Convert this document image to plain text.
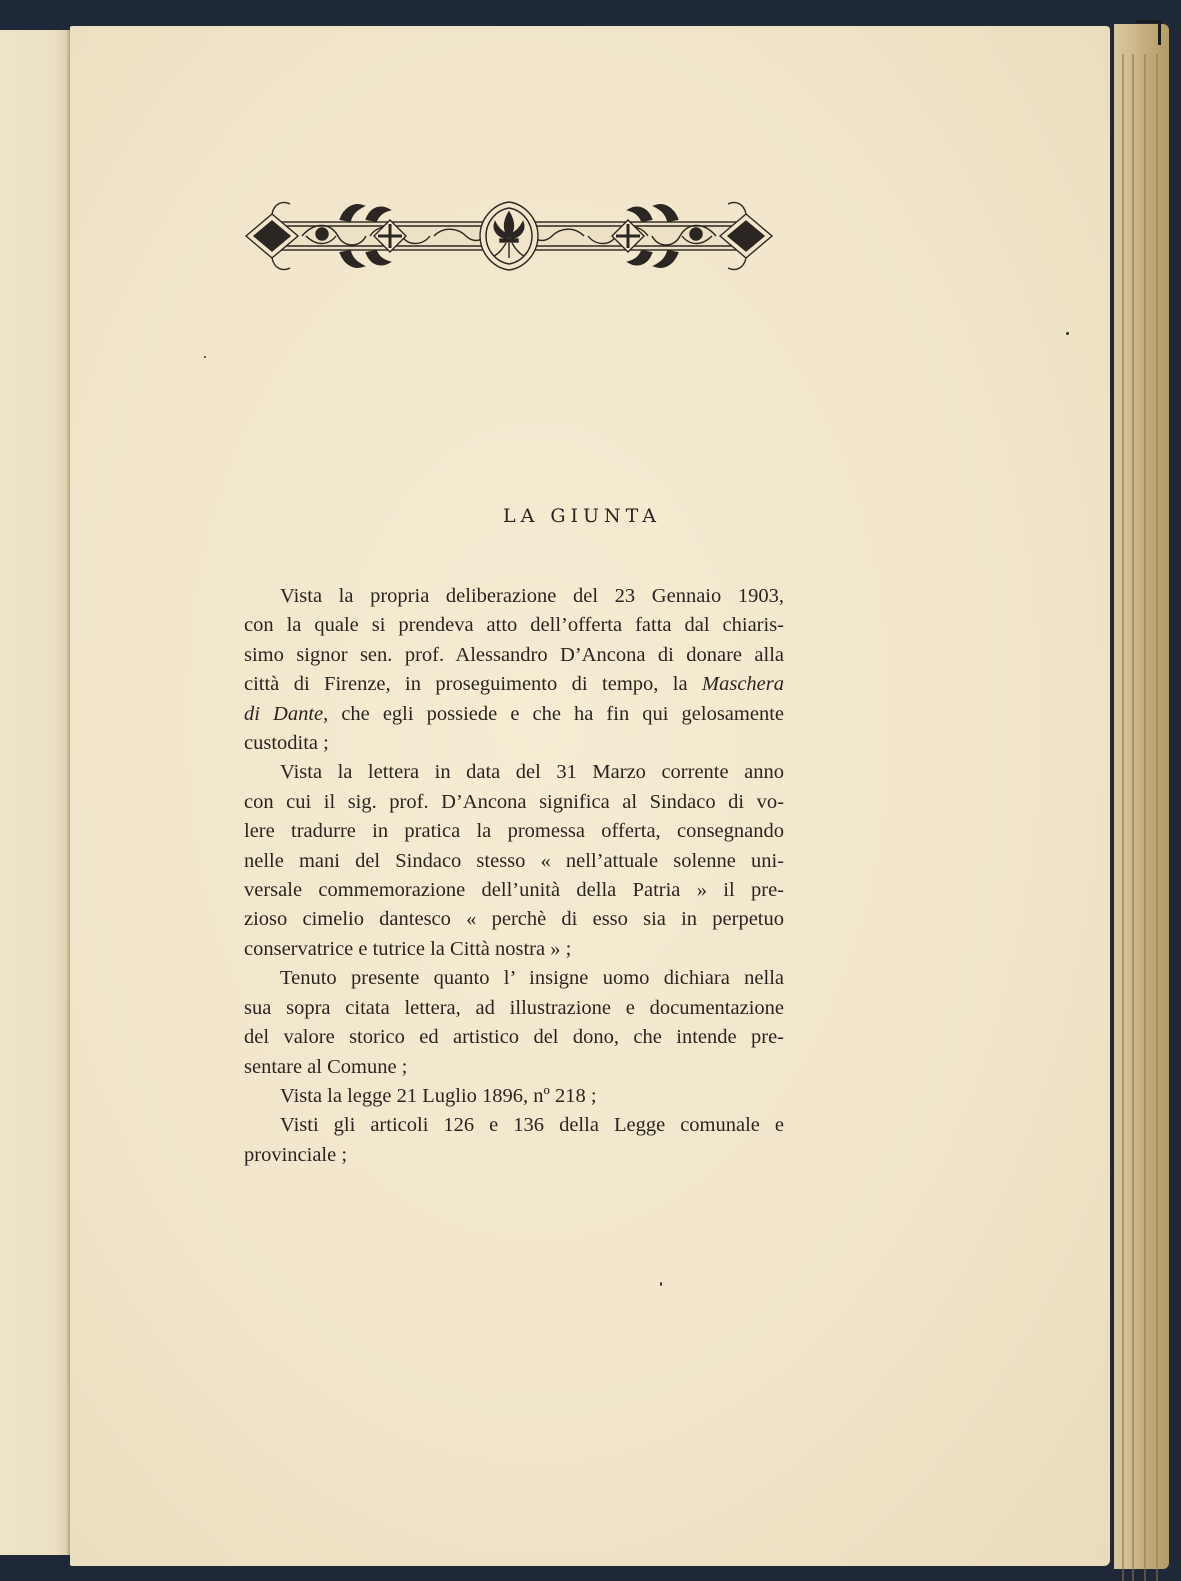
LA GIUNTA

Vista la propria deliberazione del 23 Gennaio 1903,
con la quale si prendeva atto dell’offerta fatta dal chiaris-
simo signor sen. prof. Alessandro D’Ancona di donare alla
città di Firenze, in proseguimento di tempo, la Maschera
di Dante, che egli possiede e che ha fin qui gelosamente
custodita ;

Vista la lettera in data del 31 Marzo corrente anno
con cui il sig. prof. D’Ancona significa al Sindaco di vo-
lere tradurre in pratica la promessa offerta, consegnando
nelle mani del Sindaco stesso « nell’attuale solenne uni-
versale commemorazione dell’unità della Patria » il pre-
zioso cimelio dantesco « perchè di esso sia in perpetuo
conservatrice e tutrice la Città nostra » ;

Tenuto presente quanto l’ insigne uomo dichiara nella
sua sopra citata lettera, ad illustrazione e documentazione
del valore storico ed artistico del dono, che intende pre-
sentare al Comune ;

Vista la legge 21 Luglio 1896, nº 218 ;

Visti gli articoli 126 e 136 della Legge comunale e
provinciale ;
